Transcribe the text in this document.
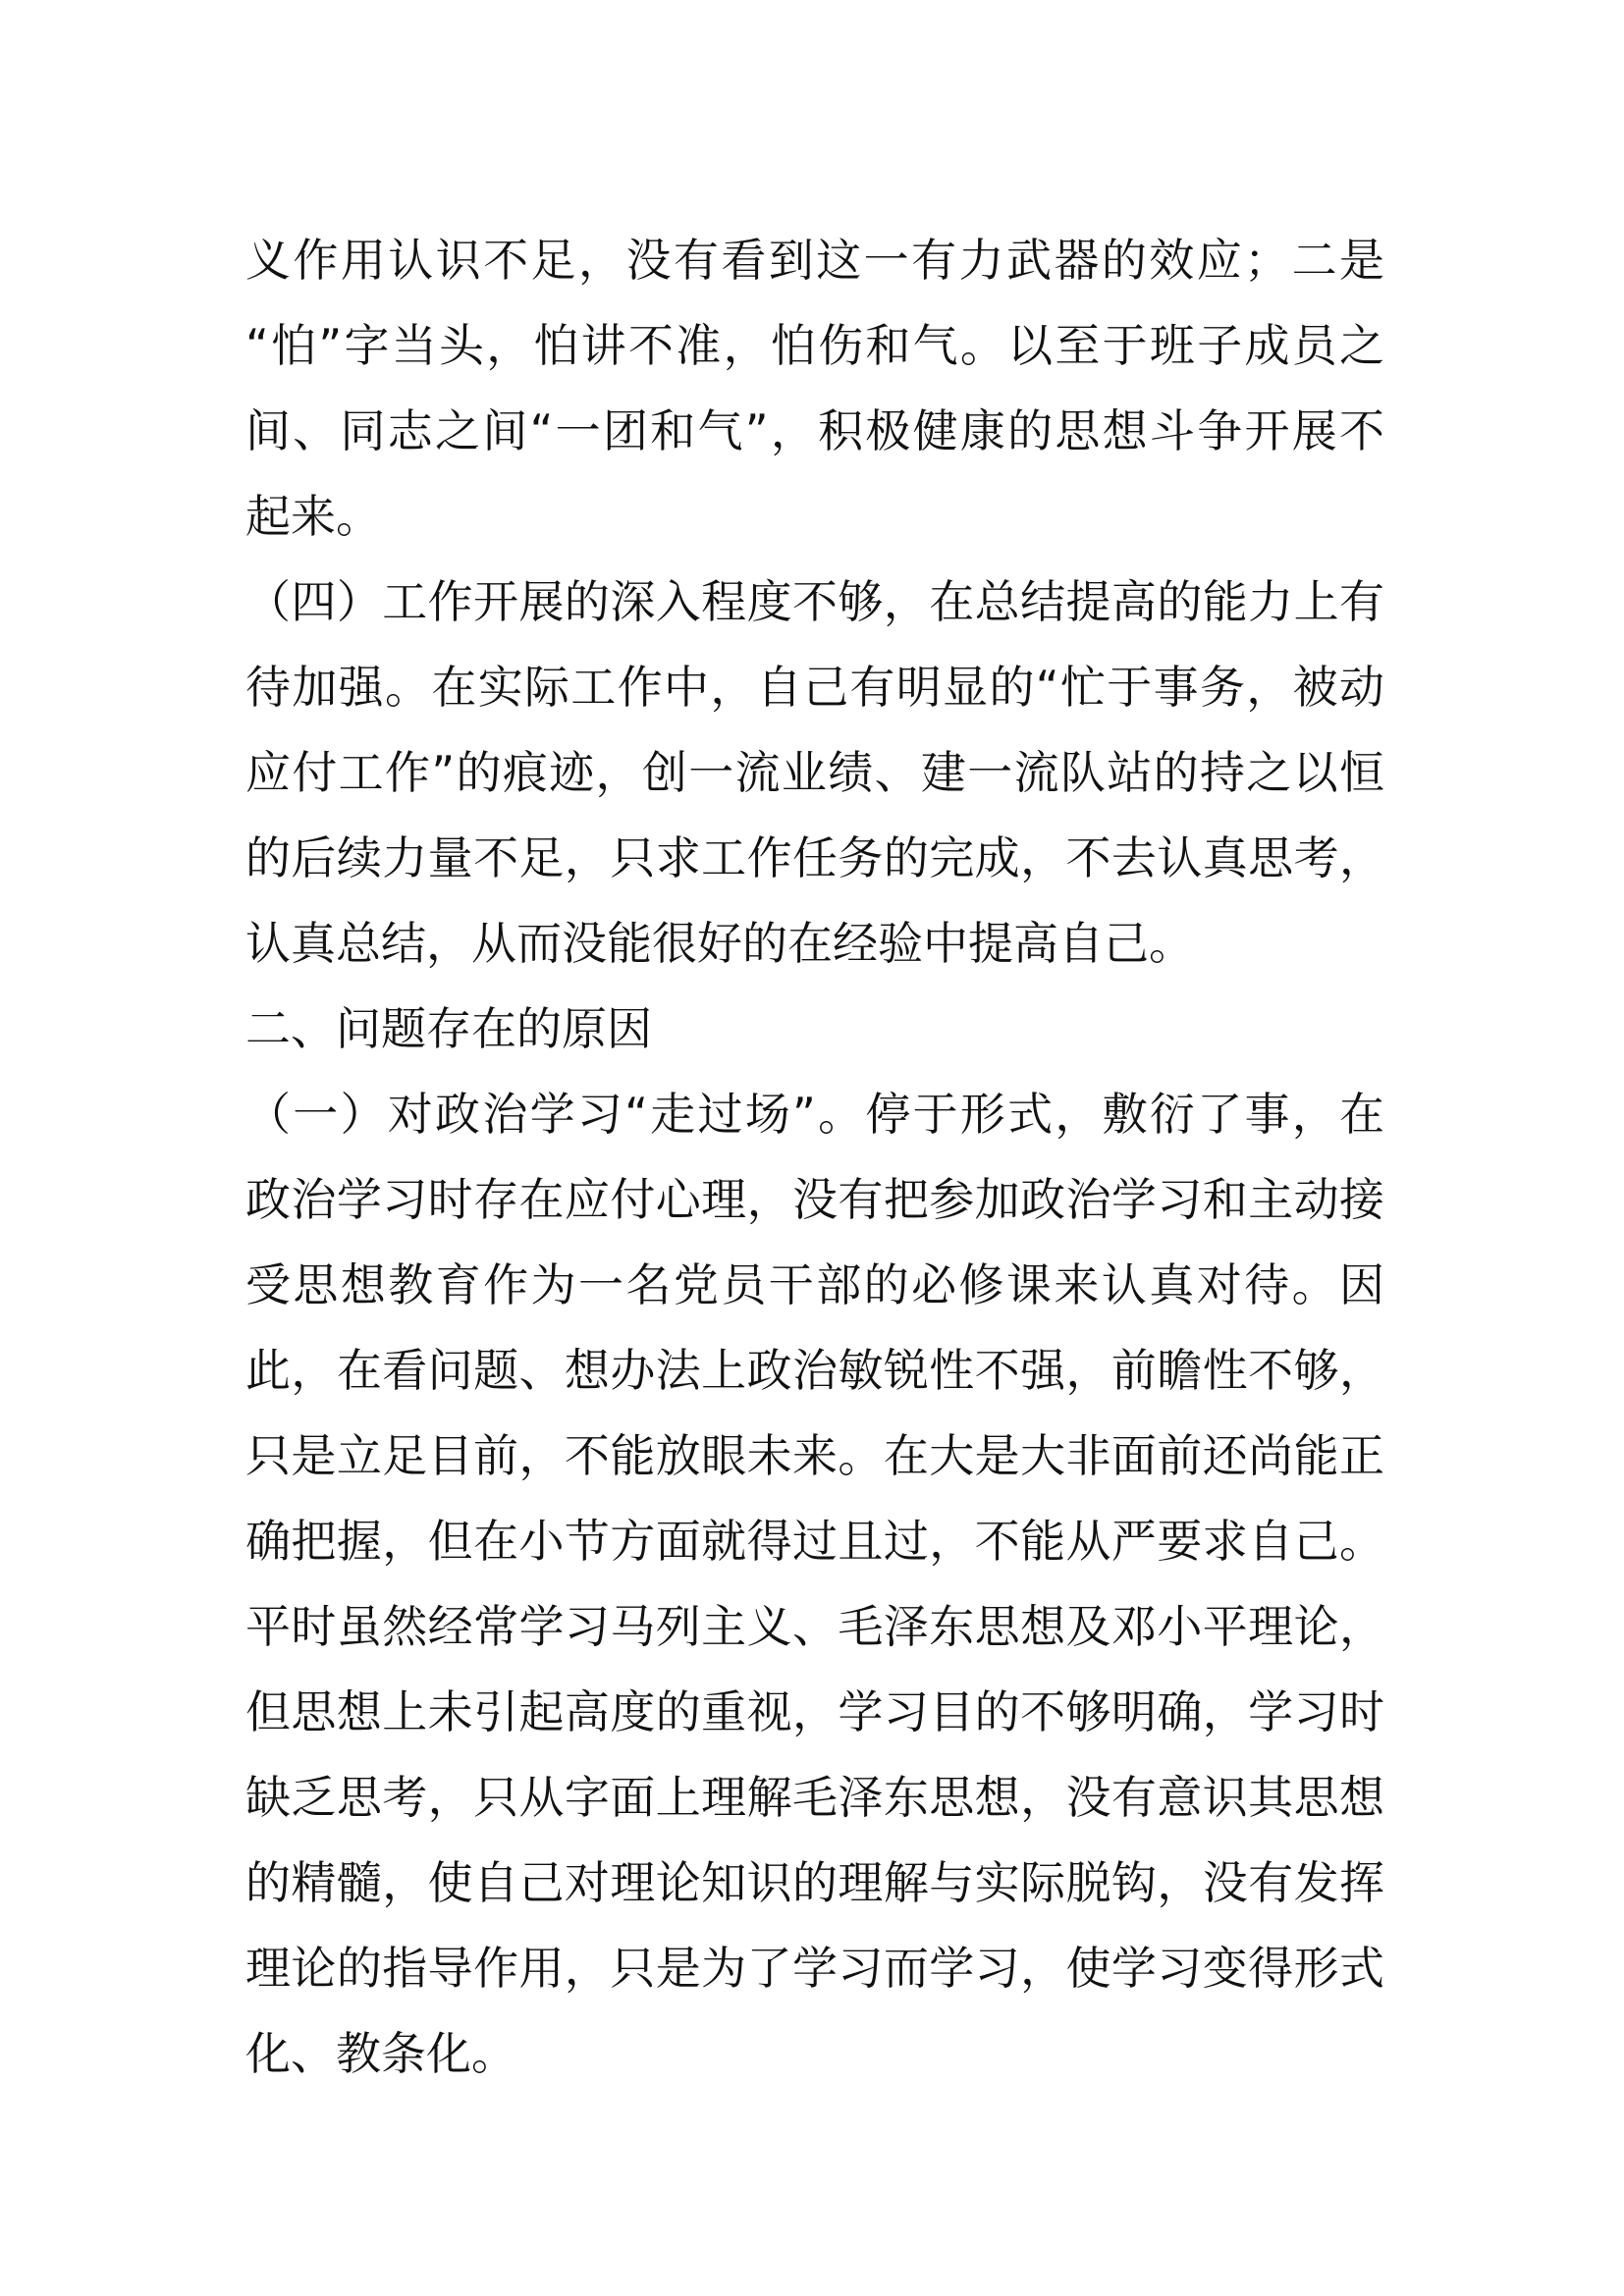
义作用认识不足，没有看到这一有力武器的效应；二是
“怕”字当头，怕讲不准，怕伤和气。以至于班子成员之
间、同志之间“一团和气”，积极健康的思想斗争开展不
起来。
（四）工作开展的深入程度不够，在总结提高的能力上有
待加强。在实际工作中，自己有明显的“忙于事务，被动
应付工作”的痕迹，创一流业绩、建一流队站的持之以恒
的后续力量不足，只求工作任务的完成，不去认真思考，
认真总结，从而没能很好的在经验中提高自己。
二、问题存在的原因
（一）对政治学习“走过场”。停于形式，敷衍了事，在
政治学习时存在应付心理，没有把参加政治学习和主动接
受思想教育作为一名党员干部的必修课来认真对待。因
此，在看问题、想办法上政治敏锐性不强，前瞻性不够，
只是立足目前，不能放眼未来。在大是大非面前还尚能正
确把握，但在小节方面就得过且过，不能从严要求自己。
平时虽然经常学习马列主义、毛泽东思想及邓小平理论，
但思想上未引起高度的重视，学习目的不够明确，学习时
缺乏思考，只从字面上理解毛泽东思想，没有意识其思想
的精髓，使自己对理论知识的理解与实际脱钩，没有发挥
理论的指导作用，只是为了学习而学习，使学习变得形式
化、教条化。
